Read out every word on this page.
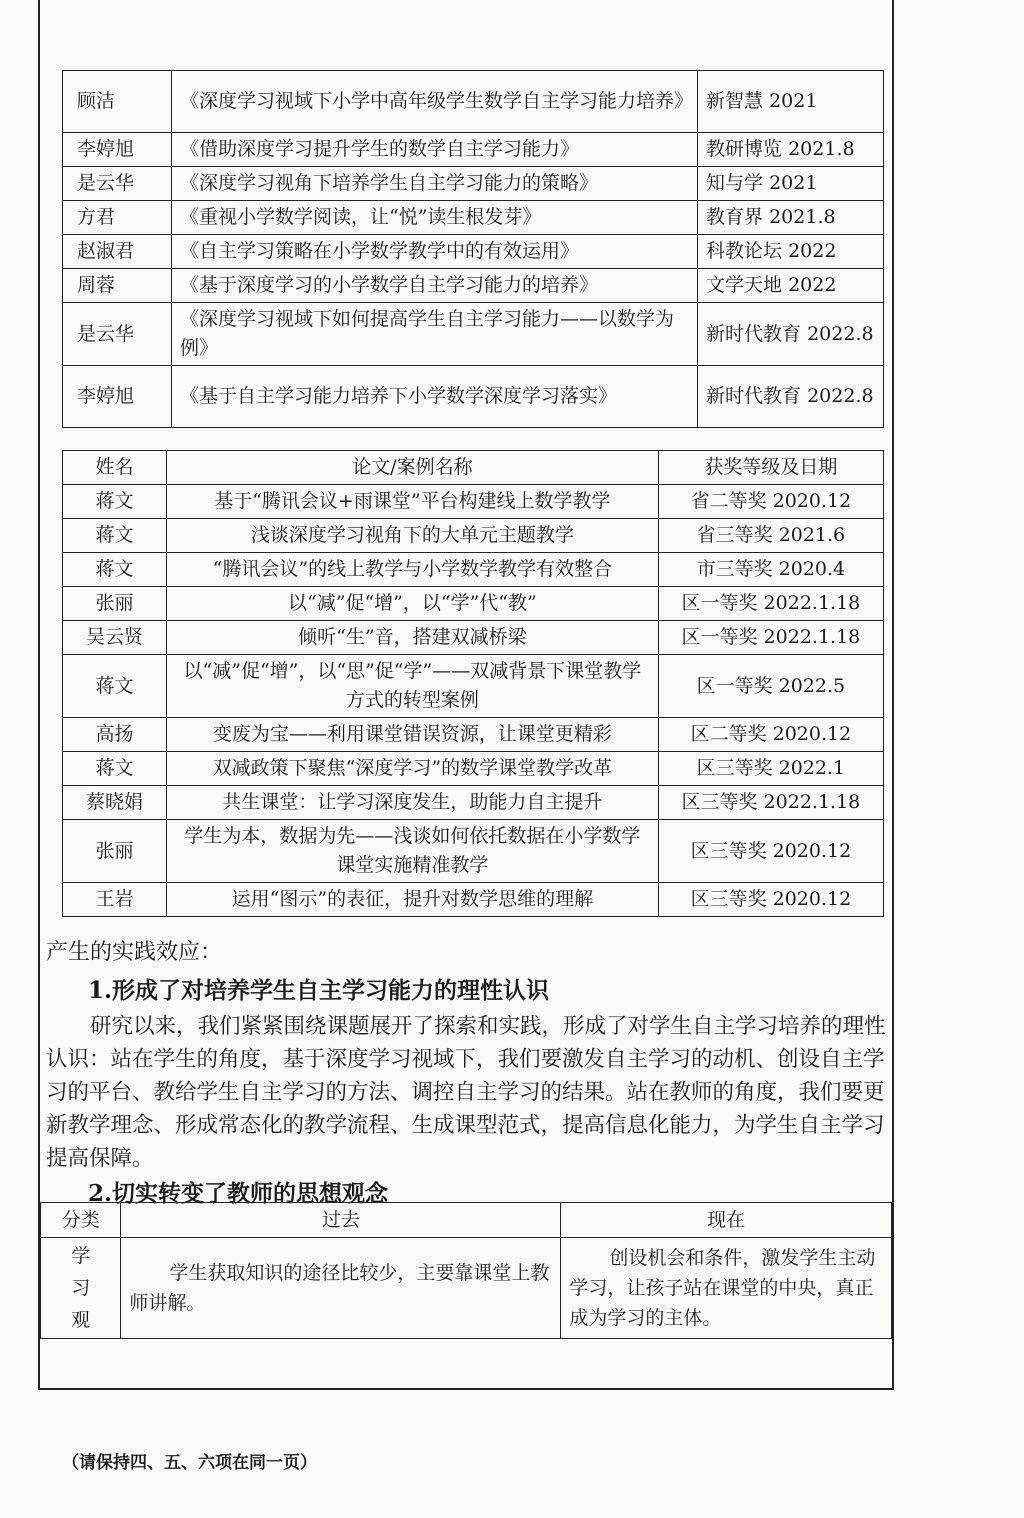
顾洁	《深度学习视域下小学中高年级学生数学自主学习能力培养》	新智慧 2021
李婷旭	《借助深度学习提升学生的数学自主学习能力》	教研博览 2021.8
是云华	《深度学习视角下培养学生自主学习能力的策略》	知与学 2021
方君	《重视小学数学阅读，让“悦”读生根发芽》	教育界 2021.8
赵淑君	《自主学习策略在小学数学教学中的有效运用》	科教论坛 2022
周蓉	《基于深度学习的小学数学自主学习能力的培养》	文学天地 2022
是云华	《深度学习视域下如何提高学生自主学习能力——以数学为例》	新时代教育 2022.8
李婷旭	《基于自主学习能力培养下小学数学深度学习落实》	新时代教育 2022.8
姓名	论文/案例名称	获奖等级及日期
蒋文	基于“腾讯会议+雨课堂”平台构建线上数学教学	省二等奖 2020.12
蒋文	浅谈深度学习视角下的大单元主题教学	省三等奖 2021.6
蒋文	“腾讯会议”的线上教学与小学数学教学有效整合	市三等奖 2020.4
张丽	以“减”促“增”，以“学”代“教”	区一等奖 2022.1.18
吴云贤	倾听“生”音，搭建双减桥梁	区一等奖 2022.1.18
蒋文	以“减”促“增”，以“思”促“学”——双减背景下课堂教学方式的转型案例	区一等奖 2022.5
高扬	变废为宝——利用课堂错误资源，让课堂更精彩	区二等奖 2020.12
蒋文	双减政策下聚焦“深度学习”的数学课堂教学改革	区三等奖 2022.1
蔡晓娟	共生课堂：让学习深度发生，助能力自主提升	区三等奖 2022.1.18
张丽	学生为本，数据为先——浅谈如何依托数据在小学数学课堂实施精准教学	区三等奖 2020.12
王岩	运用“图示”的表征，提升对数学思维的理解	区三等奖 2020.12
产生的实践效应：
1.形成了对培养学生自主学习能力的理性认识
研究以来，我们紧紧围绕课题展开了探索和实践，形成了对学生自主学习培养的理性认识：站在学生的角度，基于深度学习视域下，我们要激发自主学习的动机、创设自主学习的平台、教给学生自主学习的方法、调控自主学习的结果。站在教师的角度，我们要更新教学理念、形成常态化的教学流程、生成课型范式，提高信息化能力，为学生自主学习提高保障。
2.切实转变了教师的思想观念
分类	过去	现在
学习观	学生获取知识的途径比较少，主要靠课堂上教师讲解。	创设机会和条件，激发学生主动学习，让孩子站在课堂的中央，真正成为学习的主体。
（请保持四、五、六项在同一页）
